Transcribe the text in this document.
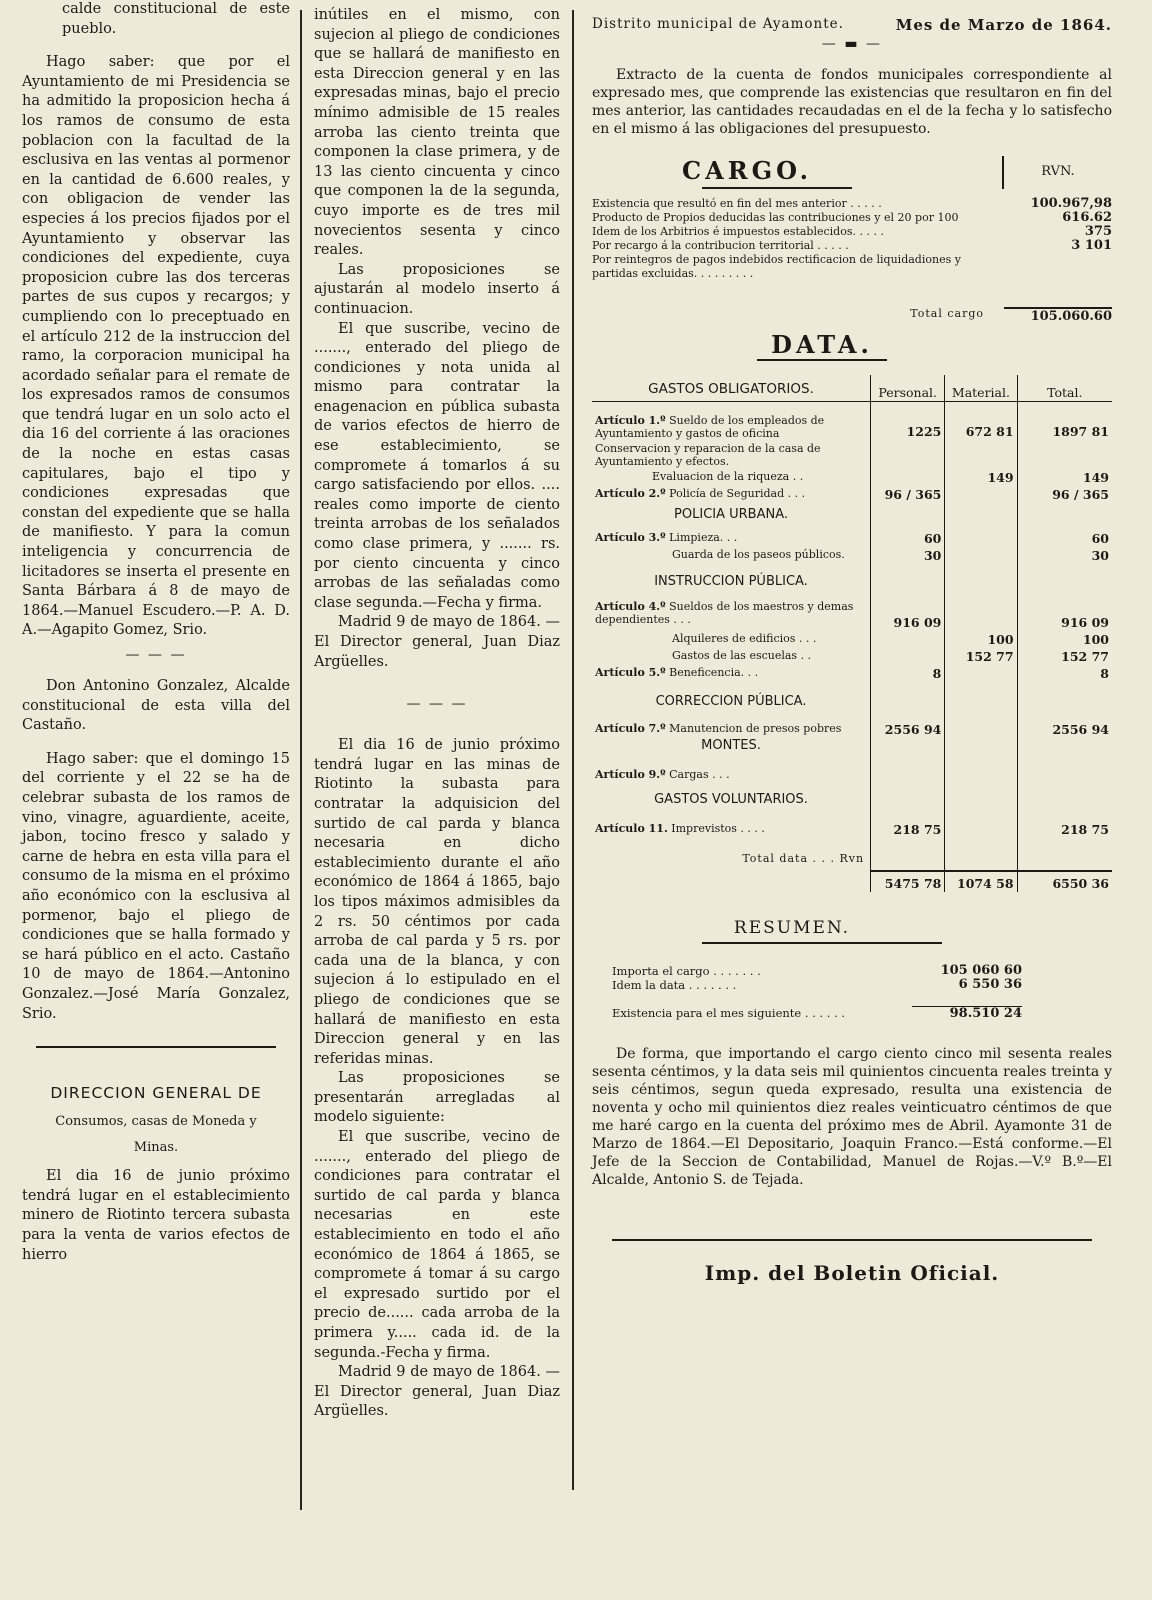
calde constitucional de este pueblo.

Hago saber: que por el Ayuntamiento de mi Presidencia se ha admitido la proposicion hecha á los ramos de consumo de esta poblacion con la facultad de la esclusiva en las ventas al pormenor en la cantidad de 6.600 reales, y con obligacion de vender las especies á los precios fijados por el Ayuntamiento y observar las condiciones del expediente, cuya proposicion cubre las dos terceras partes de sus cupos y recargos; y cumpliendo con lo preceptuado en el artículo 212 de la instruccion del ramo, la corporacion municipal ha acordado señalar para el remate de los expresados ramos de consumos que tendrá lugar en un solo acto el dia 16 del corriente á las oraciones de la noche en estas casas capitulares, bajo el tipo y condiciones expresadas que constan del expediente que se halla de manifiesto. Y para la comun inteligencia y concurrencia de licitadores se inserta el presente en Santa Bárbara á 8 de mayo de 1864.—Manuel Escudero.—P. A. D. A.—Agapito Gomez, Srio.

— — —

Don Antonino Gonzalez, Alcalde constitucional de esta villa del Castaño.

Hago saber: que el domingo 15 del corriente y el 22 se ha de celebrar subasta de los ramos de vino, vinagre, aguardiente, aceite, jabon, tocino fresco y salado y carne de hebra en esta villa para el consumo de la misma en el próximo año económico con la esclusiva al pormenor, bajo el pliego de condiciones que se halla formado y se hará público en el acto. Castaño 10 de mayo de 1864.—Antonino Gonzalez.—José María Gonzalez, Srio.

DIRECCION GENERAL DE

Consumos, casas de Moneda y

Minas.

El dia 16 de junio próximo tendrá lugar en el establecimiento minero de Riotinto tercera subasta para la venta de varios efectos de hierro

inútiles en el mismo, con sujecion al pliego de condiciones que se hallará de manifiesto en esta Direccion general y en las expresadas minas, bajo el precio mínimo admisible de 15 reales arroba las ciento treinta que componen la clase primera, y de 13 las ciento cincuenta y cinco que componen la de la segunda, cuyo importe es de tres mil novecientos sesenta y cinco reales.

Las proposiciones se ajustarán al modelo inserto á continuacion.

El que suscribe, vecino de ......., enterado del pliego de condiciones y nota unida al mismo para contratar la enagenacion en pública subasta de varios efectos de hierro de ese establecimiento, se compromete á tomarlos á su cargo satisfaciendo por ellos. .... reales como importe de ciento treinta arrobas de los señalados como clase primera, y ....... rs. por ciento cincuenta y cinco arrobas de las señaladas como clase segunda.—Fecha y firma.

Madrid 9 de mayo de 1864. —El Director general, Juan Diaz Argüelles.

— — —

El dia 16 de junio próximo tendrá lugar en las minas de Riotinto la subasta para contratar la adquisicion del surtido de cal parda y blanca necesaria en dicho establecimiento durante el año económico de 1864 á 1865, bajo los tipos máximos admisibles da 2 rs. 50 céntimos por cada arroba de cal parda y 5 rs. por cada una de la blanca, y con sujecion á lo estipulado en el pliego de condiciones que se hallará de manifiesto en esta Direccion general y en las referidas minas.

Las proposiciones se presentarán arregladas al modelo siguiente:

El que suscribe, vecino de ......., enterado del pliego de condiciones para contratar el surtido de cal parda y blanca necesarias en este establecimiento en todo el año económico de 1864 á 1865, se compromete á tomar á su cargo el expresado surtido por el precio de...... cada arroba de la primera y..... cada id. de la segunda.-Fecha y firma.

Madrid 9 de mayo de 1864. —El Director general, Juan Diaz Argüelles.

Distrito municipal de Ayamonte.	Mes de Marzo de 1864.

— ▬ —

Extracto de la cuenta de fondos municipales correspondiente al expresado mes, que comprende las existencias que resultaron en fin del mes anterior, las cantidades recaudadas en el de la fecha y lo satisfecho en el mismo á las obligaciones del presupuesto.

CARGO.	RVN.
Existencia que resultó en fin del mes anterior . . . . .	100.967,98
Producto de Propios deducidas las contribuciones y el 20 por 100	616.62
Idem de los Arbitrios é impuestos establecidos. . . . .	375
Por recargo á la contribucion territorial . . . . .	3 101
Por reintegros de pagos indebidos rectificacion de liquidadiones y partidas excluidas. . . . . . . . .
Total cargo	105.060.60

DATA.

GASTOS OBLIGATORIOS.	Personal.	Material.	Total.
Artículo 1.º Sueldo de los empleados de Ayuntamiento y gastos de oficina	1225	672 81	1897 81
Conservacion y reparacion de la casa de Ayuntamiento y efectos.			
Evaluacion de la riqueza . .		149	149
Artículo 2.º Policía de Seguridad . . .	96 / 365		96 / 365
POLICIA URBANA.			
Artículo 3.º Limpieza. . .	60		60
Guarda de los paseos públicos.	30		30
INSTRUCCION PÚBLICA.			
Artículo 4.º Sueldos de los maestros y demas dependientes . . .	916 09		916 09
Alquileres de edificios . . .		100	100
Gastos de las escuelas . .		152 77	152 77
Artículo 5.º Beneficencia. . .	8		8
CORRECCION PÚBLICA.			
Artículo 7.º Manutencion de presos pobres	2556 94		2556 94
MONTES.			
Artículo 9.º Cargas . . .			
GASTOS VOLUNTARIOS.			
Artículo 11. Imprevistos . . . .	218 75		218 75
Total data . . . Rvn			
	5475 78	1074 58	6550 36

RESUMEN.

Importa el cargo . . . . . . .	105 060 60
Idem la data . . . . . . .	6 550 36
Existencia para el mes siguiente . . . . . .	98.510 24

De forma, que importando el cargo ciento cinco mil sesenta reales sesenta céntimos, y la data seis mil quinientos cincuenta reales treinta y seis céntimos, segun queda expresado, resulta una existencia de noventa y ocho mil quinientos diez reales veinticuatro céntimos de que me haré cargo en la cuenta del próximo mes de Abril. Ayamonte 31 de Marzo de 1864.—El Depositario, Joaquin Franco.—Está conforme.—El Jefe de la Seccion de Contabilidad, Manuel de Rojas.—V.º B.º—El Alcalde, Antonio S. de Tejada.

Imp. del Boletin Oficial.
